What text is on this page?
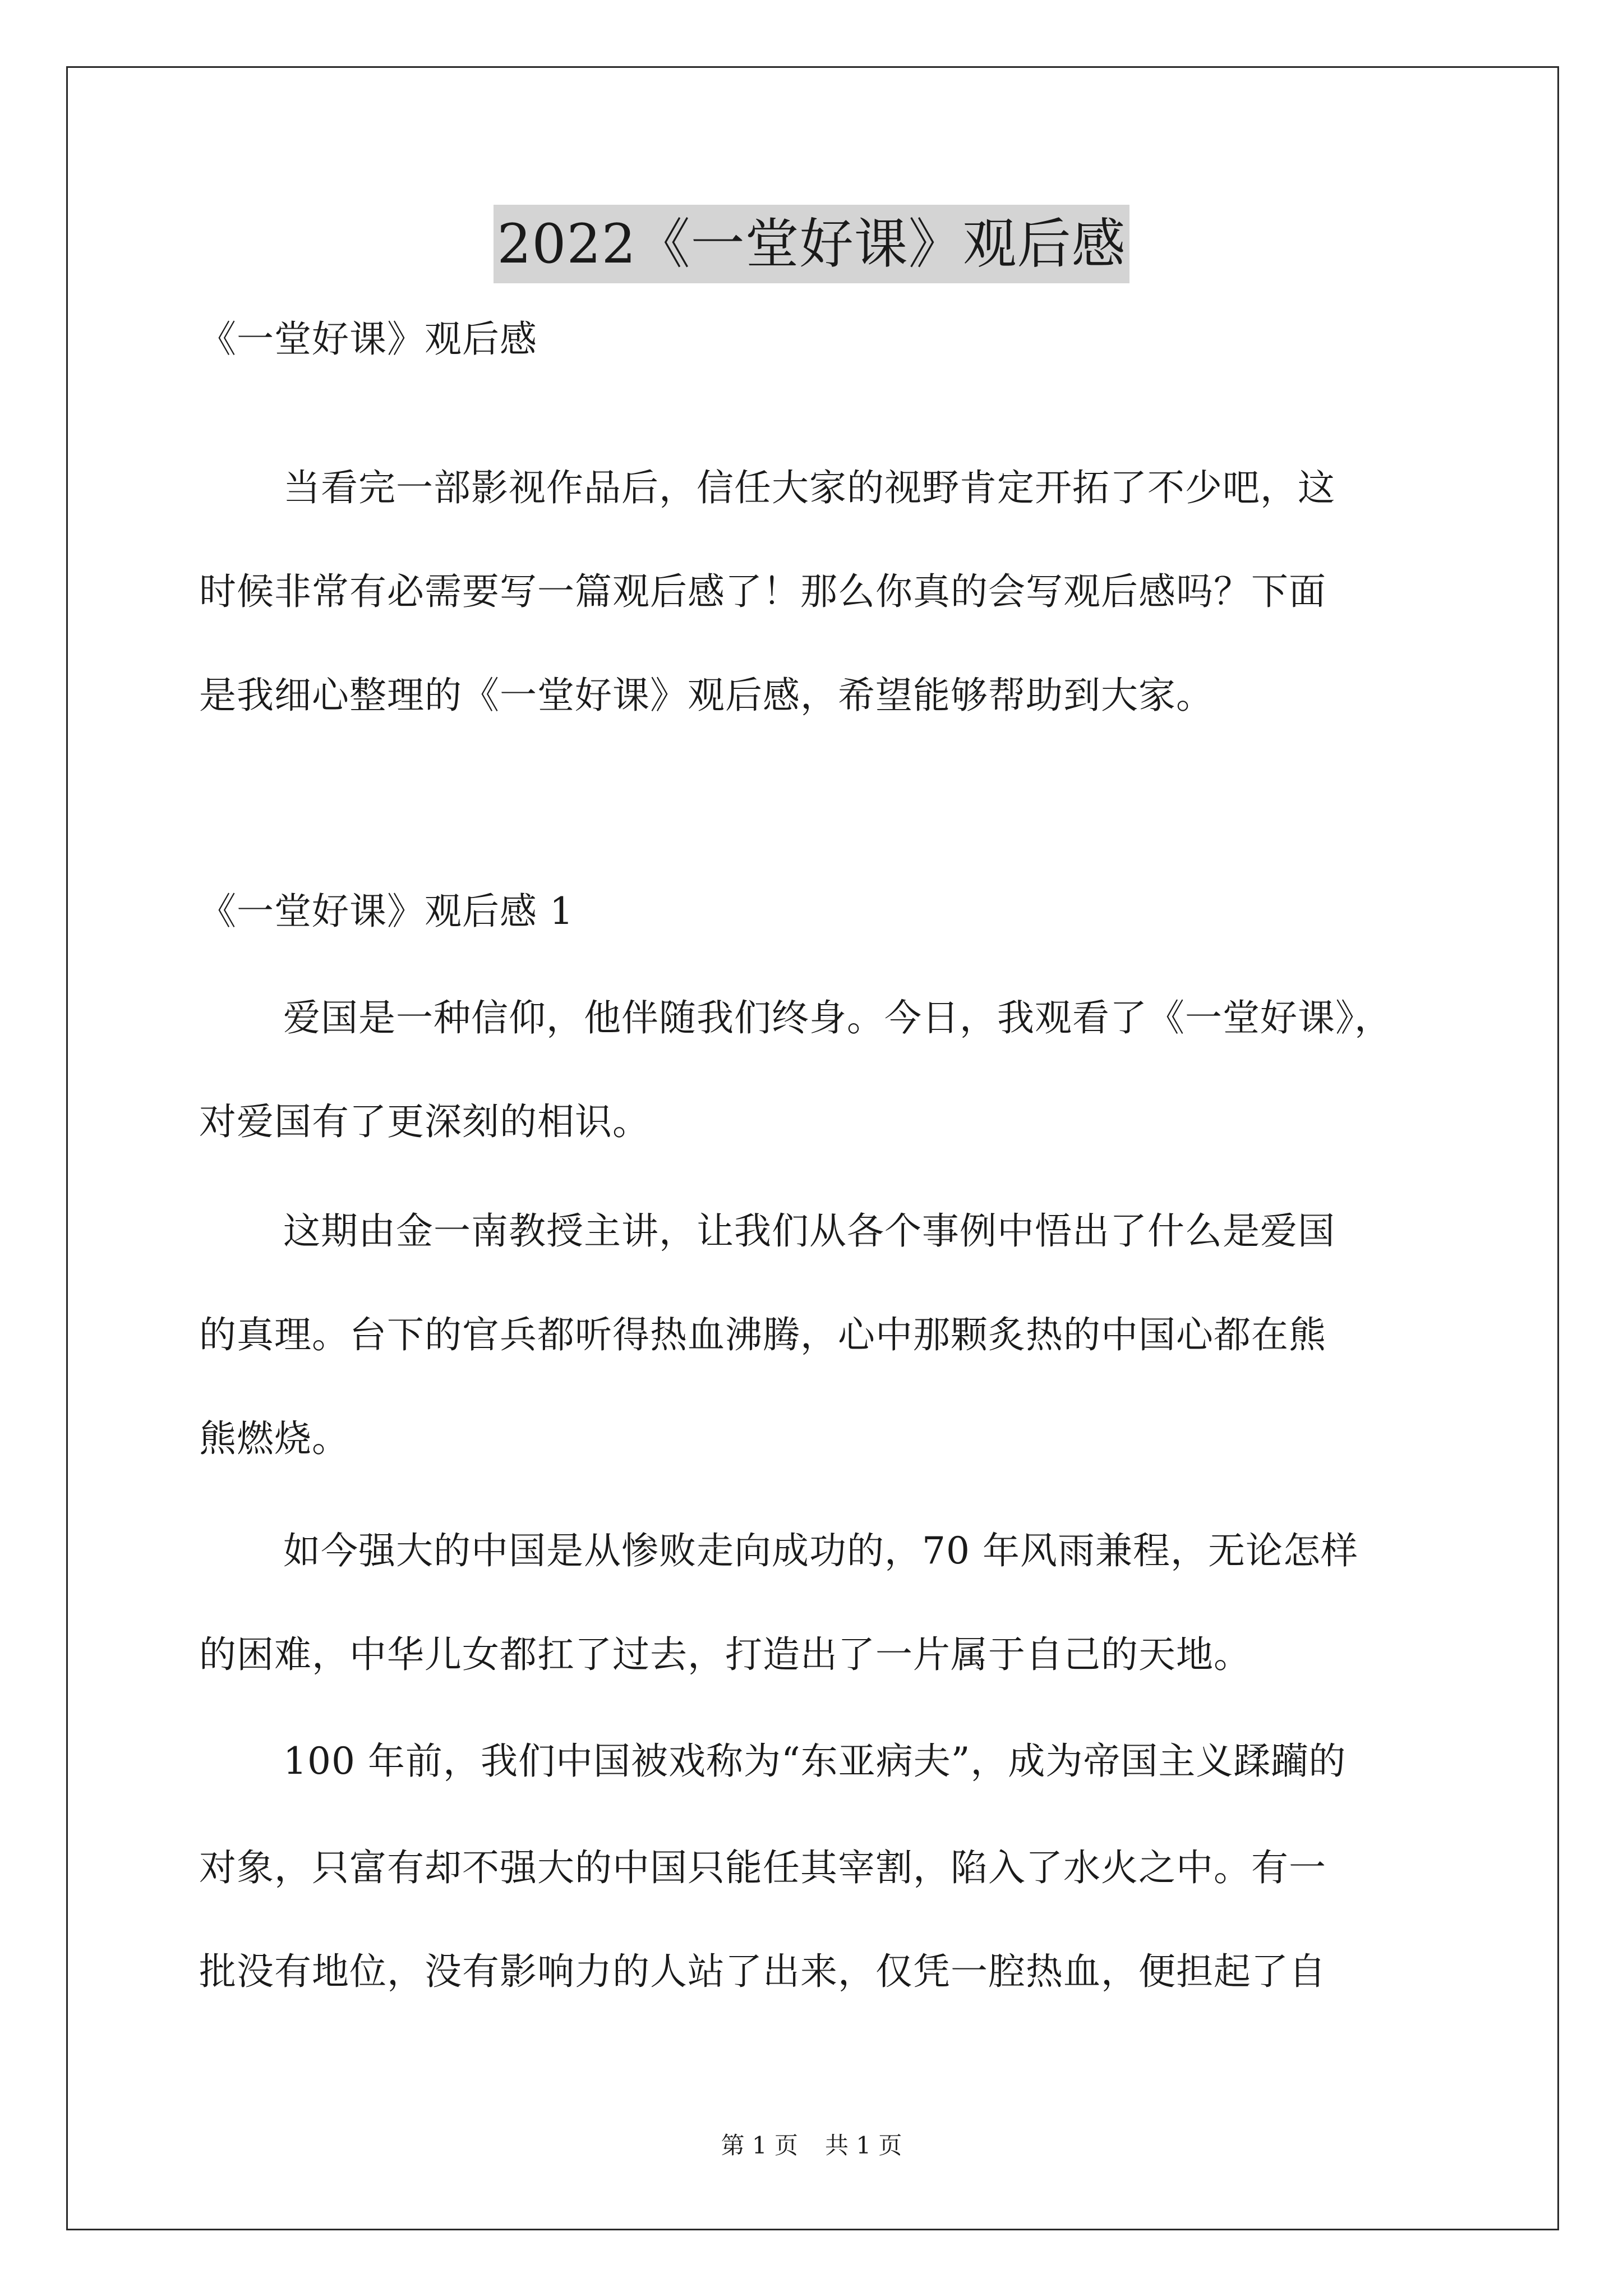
2022《一堂好课》观后感
《一堂好课》观后感
当看完一部影视作品后，信任大家的视野肯定开拓了不少吧，这
时候非常有必需要写一篇观后感了！那么你真的会写观后感吗？下面
是我细心整理的《一堂好课》观后感，希望能够帮助到大家。
《一堂好课》观后感 1
爱国是一种信仰，他伴随我们终身。今日，我观看了《一堂好课》，
对爱国有了更深刻的相识。
这期由金一南教授主讲，让我们从各个事例中悟出了什么是爱国
的真理。台下的官兵都听得热血沸腾，心中那颗炙热的中国心都在熊
熊燃烧。
如今强大的中国是从惨败走向成功的，70 年风雨兼程，无论怎样
的困难，中华儿女都扛了过去，打造出了一片属于自己的天地。
100 年前，我们中国被戏称为“东亚病夫”，成为帝国主义蹂躏的
对象，只富有却不强大的中国只能任其宰割，陷入了水火之中。有一
批没有地位，没有影响力的人站了出来，仅凭一腔热血，便担起了自
第 1 页 共 1 页
